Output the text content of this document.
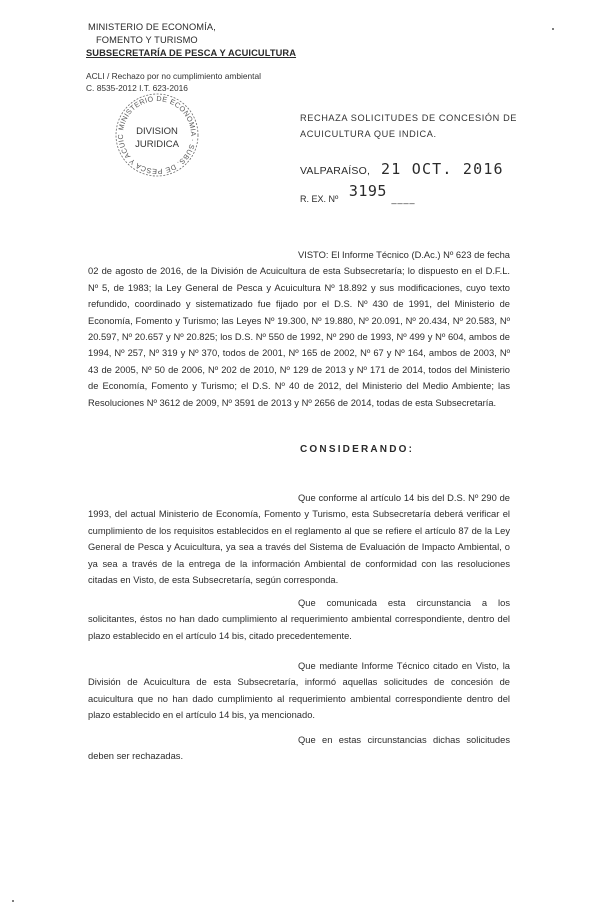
MINISTERIO DE ECONOMÍA,
FOMENTO Y TURISMO
SUBSECRETARÍA DE PESCA Y ACUICULTURA
ACLI / Rechazo por no cumplimiento ambiental
C. 8535-2012 I.T. 623-2016
MINISTERIO DE ECONOMIA · SUBS. DE PESCA Y ACUIC	DIVISION
JURIDICA
RECHAZA SOLICITUDES DE CONCESIÓN DE ACUICULTURA QUE INDICA.
VALPARAÍSO, 21 OCT. 2016
R. EX. Nº 3195 ____
VISTO: El Informe Técnico (D.Ac.) Nº 623 de fecha 02 de agosto de 2016, de la División de Acuicultura de esta Subsecretaría; lo dispuesto en el D.F.L. Nº 5, de 1983; la Ley General de Pesca y Acuicultura Nº 18.892 y sus modificaciones, cuyo texto refundido, coordinado y sistematizado fue fijado por el D.S. Nº 430 de 1991, del Ministerio de Economía, Fomento y Turismo; las Leyes Nº 19.300, Nº 19.880, Nº 20.091, Nº 20.434, Nº 20.583, Nº 20.597, Nº 20.657 y Nº 20.825; los D.S. Nº 550 de 1992, Nº 290 de 1993, Nº 499 y Nº 604, ambos de 1994, Nº 257, Nº 319 y Nº 370, todos de 2001, Nº 165 de 2002, Nº 67 y Nº 164, ambos de 2003, Nº 43 de 2005, Nº 50 de 2006, Nº 202 de 2010, Nº 129 de 2013 y Nº 171 de 2014, todos del Ministerio de Economía, Fomento y Turismo; el D.S. Nº 40 de 2012, del Ministerio del Medio Ambiente; las Resoluciones Nº 3612 de 2009, Nº 3591 de 2013 y Nº 2656 de 2014, todas de esta Subsecretaría.
CONSIDERANDO:
Que conforme al artículo 14 bis del D.S. Nº 290 de 1993, del actual Ministerio de Economía, Fomento y Turismo, esta Subsecretaría deberá verificar el cumplimiento de los requisitos establecidos en el reglamento al que se refiere el artículo 87 de la Ley General de Pesca y Acuicultura, ya sea a través del Sistema de Evaluación de Impacto Ambiental, o ya sea a través de la entrega de la información Ambiental de conformidad con las resoluciones citadas en Visto, de esta Subsecretaría, según corresponda.
Que comunicada esta circunstancia a los solicitantes, éstos no han dado cumplimiento al requerimiento ambiental correspondiente, dentro del plazo establecido en el artículo 14 bis, citado precedentemente.
Que mediante Informe Técnico citado en Visto, la División de Acuicultura de esta Subsecretaría, informó aquellas solicitudes de concesión de acuicultura que no han dado cumplimiento al requerimiento ambiental correspondiente dentro del plazo establecido en el artículo 14 bis, ya mencionado.
Que en estas circunstancias dichas solicitudes deben ser rechazadas.
